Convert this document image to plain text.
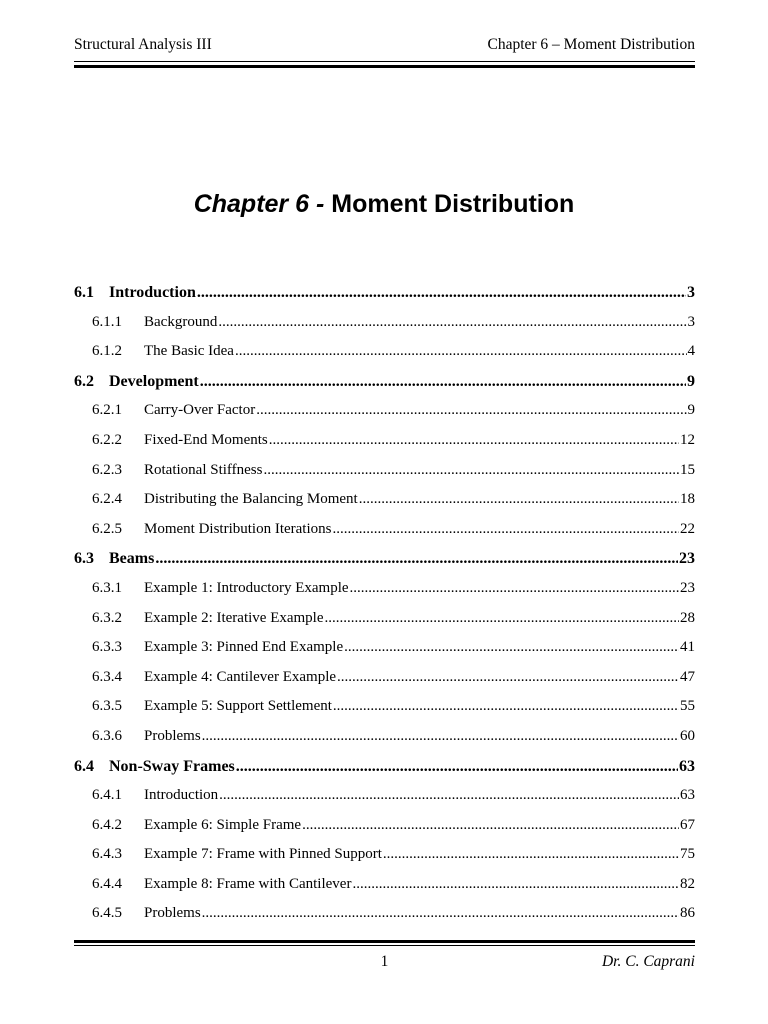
Structural Analysis III	Chapter 6 – Moment Distribution
Chapter 6 - Moment Distribution
6.1 Introduction .....	3
6.1.1	Background .....	3
6.1.2	The Basic Idea .....	4
6.2 Development .....	9
6.2.1	Carry-Over Factor .....	9
6.2.2	Fixed-End Moments .....	12
6.2.3	Rotational Stiffness .....	15
6.2.4	Distributing the Balancing Moment .....	18
6.2.5	Moment Distribution Iterations .....	22
6.3 Beams .....	23
6.3.1	Example 1: Introductory Example .....	23
6.3.2	Example 2: Iterative Example .....	28
6.3.3	Example 3: Pinned End Example .....	41
6.3.4	Example 4: Cantilever Example .....	47
6.3.5	Example 5: Support Settlement .....	55
6.3.6	Problems .....	60
6.4 Non-Sway Frames .....	63
6.4.1	Introduction .....	63
6.4.2	Example 6: Simple Frame .....	67
6.4.3	Example 7: Frame with Pinned Support .....	75
6.4.4	Example 8: Frame with Cantilever .....	82
6.4.5	Problems .....	86
1	Dr. C. Caprani
